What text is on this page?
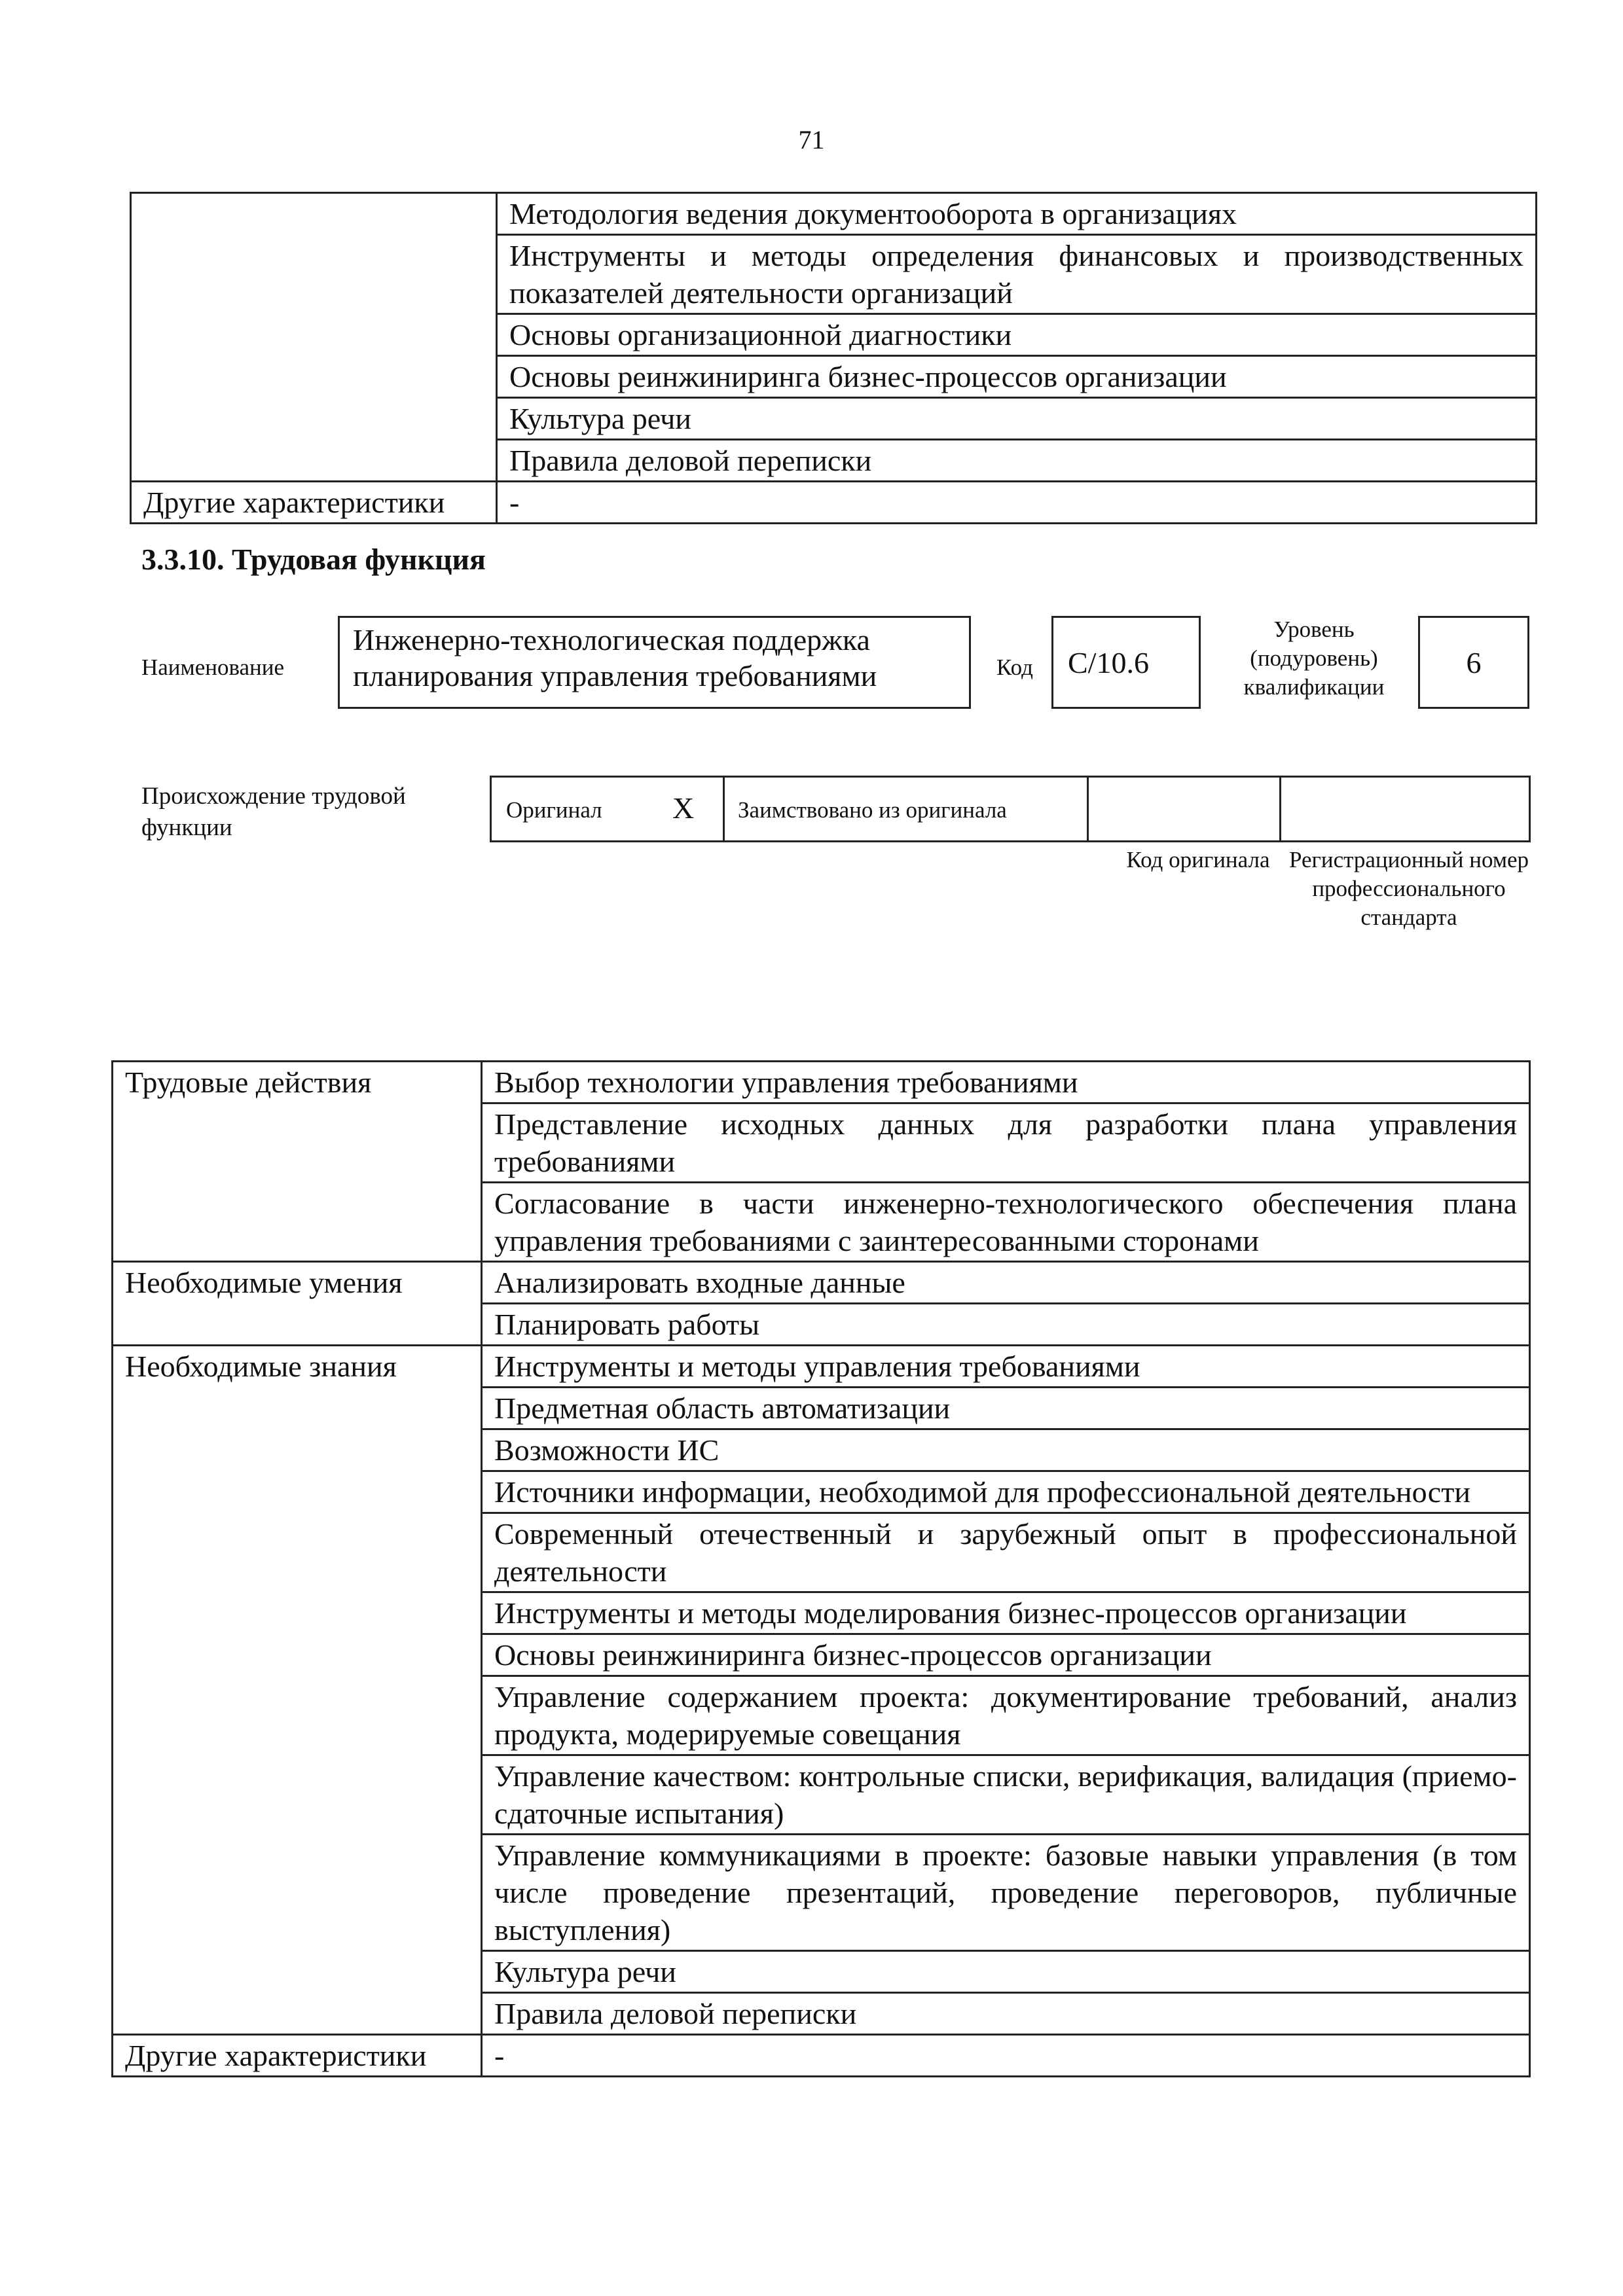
71
	Методология ведения документооборота в организациях
	Инструменты и методы определения финансовых и производственных показателей деятельности организаций
	Основы организационной диагностики
	Основы реинжиниринга бизнес-процессов организации
	Культура речи
	Правила деловой переписки
Другие характеристики	-
3.3.10. Трудовая функция
Наименование
Инженерно-технологическая поддержка планирования управления требованиями	Код	C/10.6
Уровень (подуровень) квалификации
6
Происхождение трудовой функции
Оригинал X Заимствовано из оригинала
Код оригинала Регистрационный номер профессионального стандарта
Трудовые действия	Выбор технологии управления требованиями
	Представление исходных данных для разработки плана управления требованиями
	Согласование в части инженерно-технологического обеспечения плана управления требованиями с заинтересованными сторонами
Необходимые умения	Анализировать входные данные
	Планировать работы
Необходимые знания	Инструменты и методы управления требованиями
	Предметная область автоматизации
	Возможности ИС
	Источники информации, необходимой для профессиональной деятельности
	Современный отечественный и зарубежный опыт в профессиональной деятельности
	Инструменты и методы моделирования бизнес-процессов организации
	Основы реинжиниринга бизнес-процессов организации
	Управление содержанием проекта: документирование требований, анализ продукта, модерируемые совещания
	Управление качеством: контрольные списки, верификация, валидация (приемо-сдаточные испытания)
	Управление коммуникациями в проекте: базовые навыки управления (в том числе проведение презентаций, проведение переговоров, публичные выступления)
	Культура речи
	Правила деловой переписки
Другие характеристики	-
